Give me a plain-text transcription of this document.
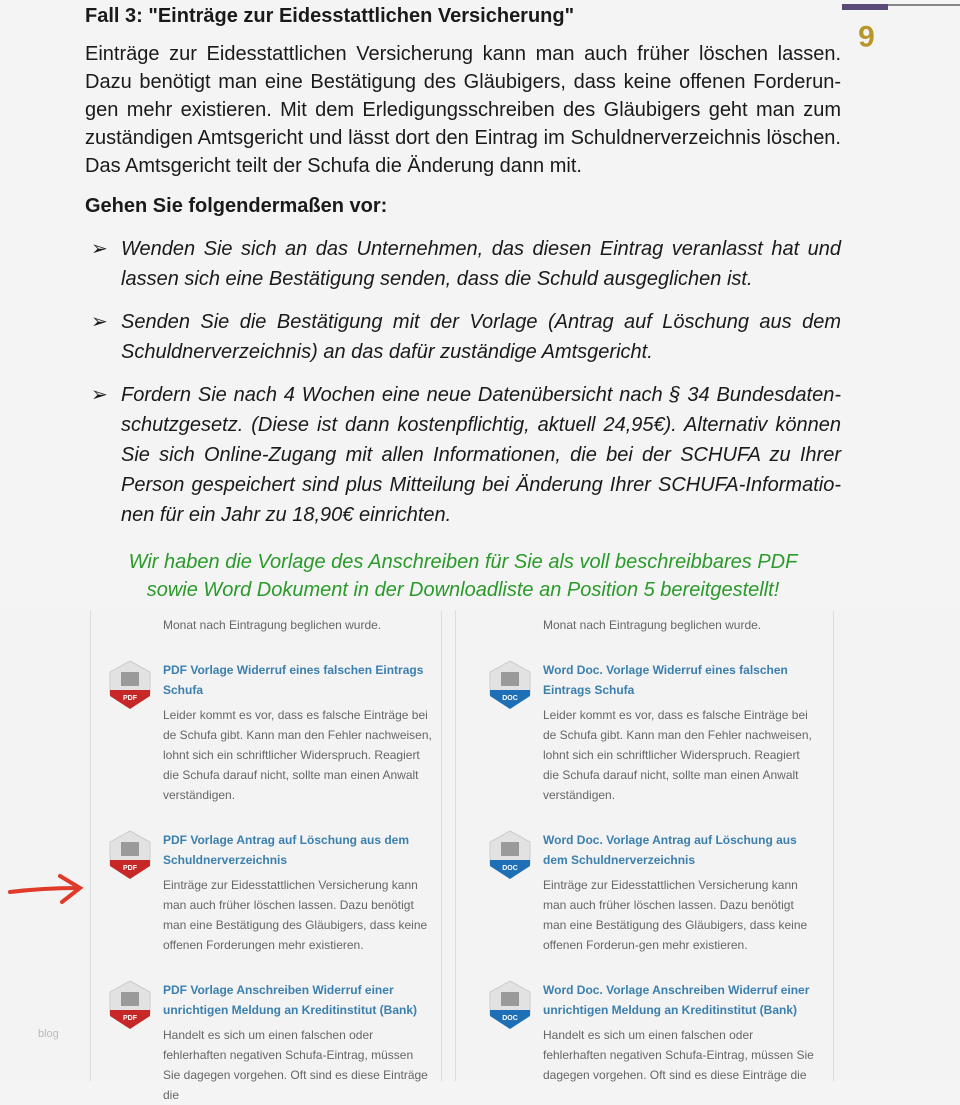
6
Fall 3: "Einträge zur Eidesstattlichen Versicherung"

Einträge zur Eidesstattlichen Versicherung kann man auch früher löschen lassen. Dazu benötigt man eine Bestätigung des Gläubigers, dass keine offenen Forderun-gen mehr existieren. Mit dem Erledigungsschreiben des Gläubigers geht man zum zuständigen Amtsgericht und lässt dort den Eintrag im Schuldnerverzeichnis löschen. Das Amtsgericht teilt der Schufa die Änderung dann mit.

Gehen Sie folgendermaßen vor:
➢ Wenden Sie sich an das Unternehmen, das diesen Eintrag veranlasst hat und lassen sich eine Bestätigung senden, dass die Schuld ausgeglichen ist.
➢ Senden Sie die Bestätigung mit der Vorlage (Antrag auf Löschung aus dem Schuldnerverzeichnis) an das dafür zuständige Amtsgericht.
➢ Fordern Sie nach 4 Wochen eine neue Datenübersicht nach § 34 Bundesdaten-schutzgesetz. (Diese ist dann kostenpflichtig, aktuell 24,95€). Alternativ können Sie sich Online-Zugang mit allen Informationen, die bei der SCHUFA zu Ihrer Person gespeichert sind plus Mitteilung bei Änderung Ihrer SCHUFA-Informatio-nen für ein Jahr zu 18,90€ einrichten.
Wir haben die Vorlage des Anschreiben für Sie als voll beschreibbares PDF
sowie Word Dokument in der Downloadliste an Position 5 bereitgestellt!
Monat nach Eintragung beglichen wurde.	Monat nach Eintragung beglichen wurde.
PDF
PDF Vorlage Widerruf eines falschen Eintrags Schufa
Leider kommt es vor, dass es falsche Einträge bei de Schufa gibt. Kann man den Fehler nachweisen, lohnt sich ein schriftlicher Widerspruch. Reagiert die Schufa darauf nicht, sollte man einen Anwalt verständigen.
PDF
PDF Vorlage Antrag auf Löschung aus dem Schuldnerverzeichnis
Einträge zur Eidesstattlichen Versicherung kann man auch früher löschen lassen. Dazu benötigt man eine Bestätigung des Gläubigers, dass keine offenen Forderungen mehr existieren.
PDF
PDF Vorlage Anschreiben Widerruf einer unrichtigen Meldung an Kreditinstitut (Bank)
Handelt es sich um einen falschen oder fehlerhaften negativen Schufa-Eintrag, müssen Sie dagegen vorgehen. Oft sind es diese Einträge die
DOC
Word Doc. Vorlage Widerruf eines falschen Eintrags Schufa
Leider kommt es vor, dass es falsche Einträge bei de Schufa gibt. Kann man den Fehler nachweisen, lohnt sich ein schriftlicher Widerspruch. Reagiert die Schufa darauf nicht, sollte man einen Anwalt verständigen.
DOC
Word Doc. Vorlage Antrag auf Löschung aus dem Schuldnerverzeichnis
Einträge zur Eidesstattlichen Versicherung kann man auch früher löschen lassen. Dazu benötigt man eine Bestätigung des Gläubigers, dass keine offenen Forderun-gen mehr existieren.
DOC
Word Doc. Vorlage Anschreiben Widerruf einer unrichtigen Meldung an Kreditinstitut (Bank)
Handelt es sich um einen falschen oder fehlerhaften negativen Schufa-Eintrag, müssen Sie dagegen vorgehen. Oft sind es diese Einträge die
blog
